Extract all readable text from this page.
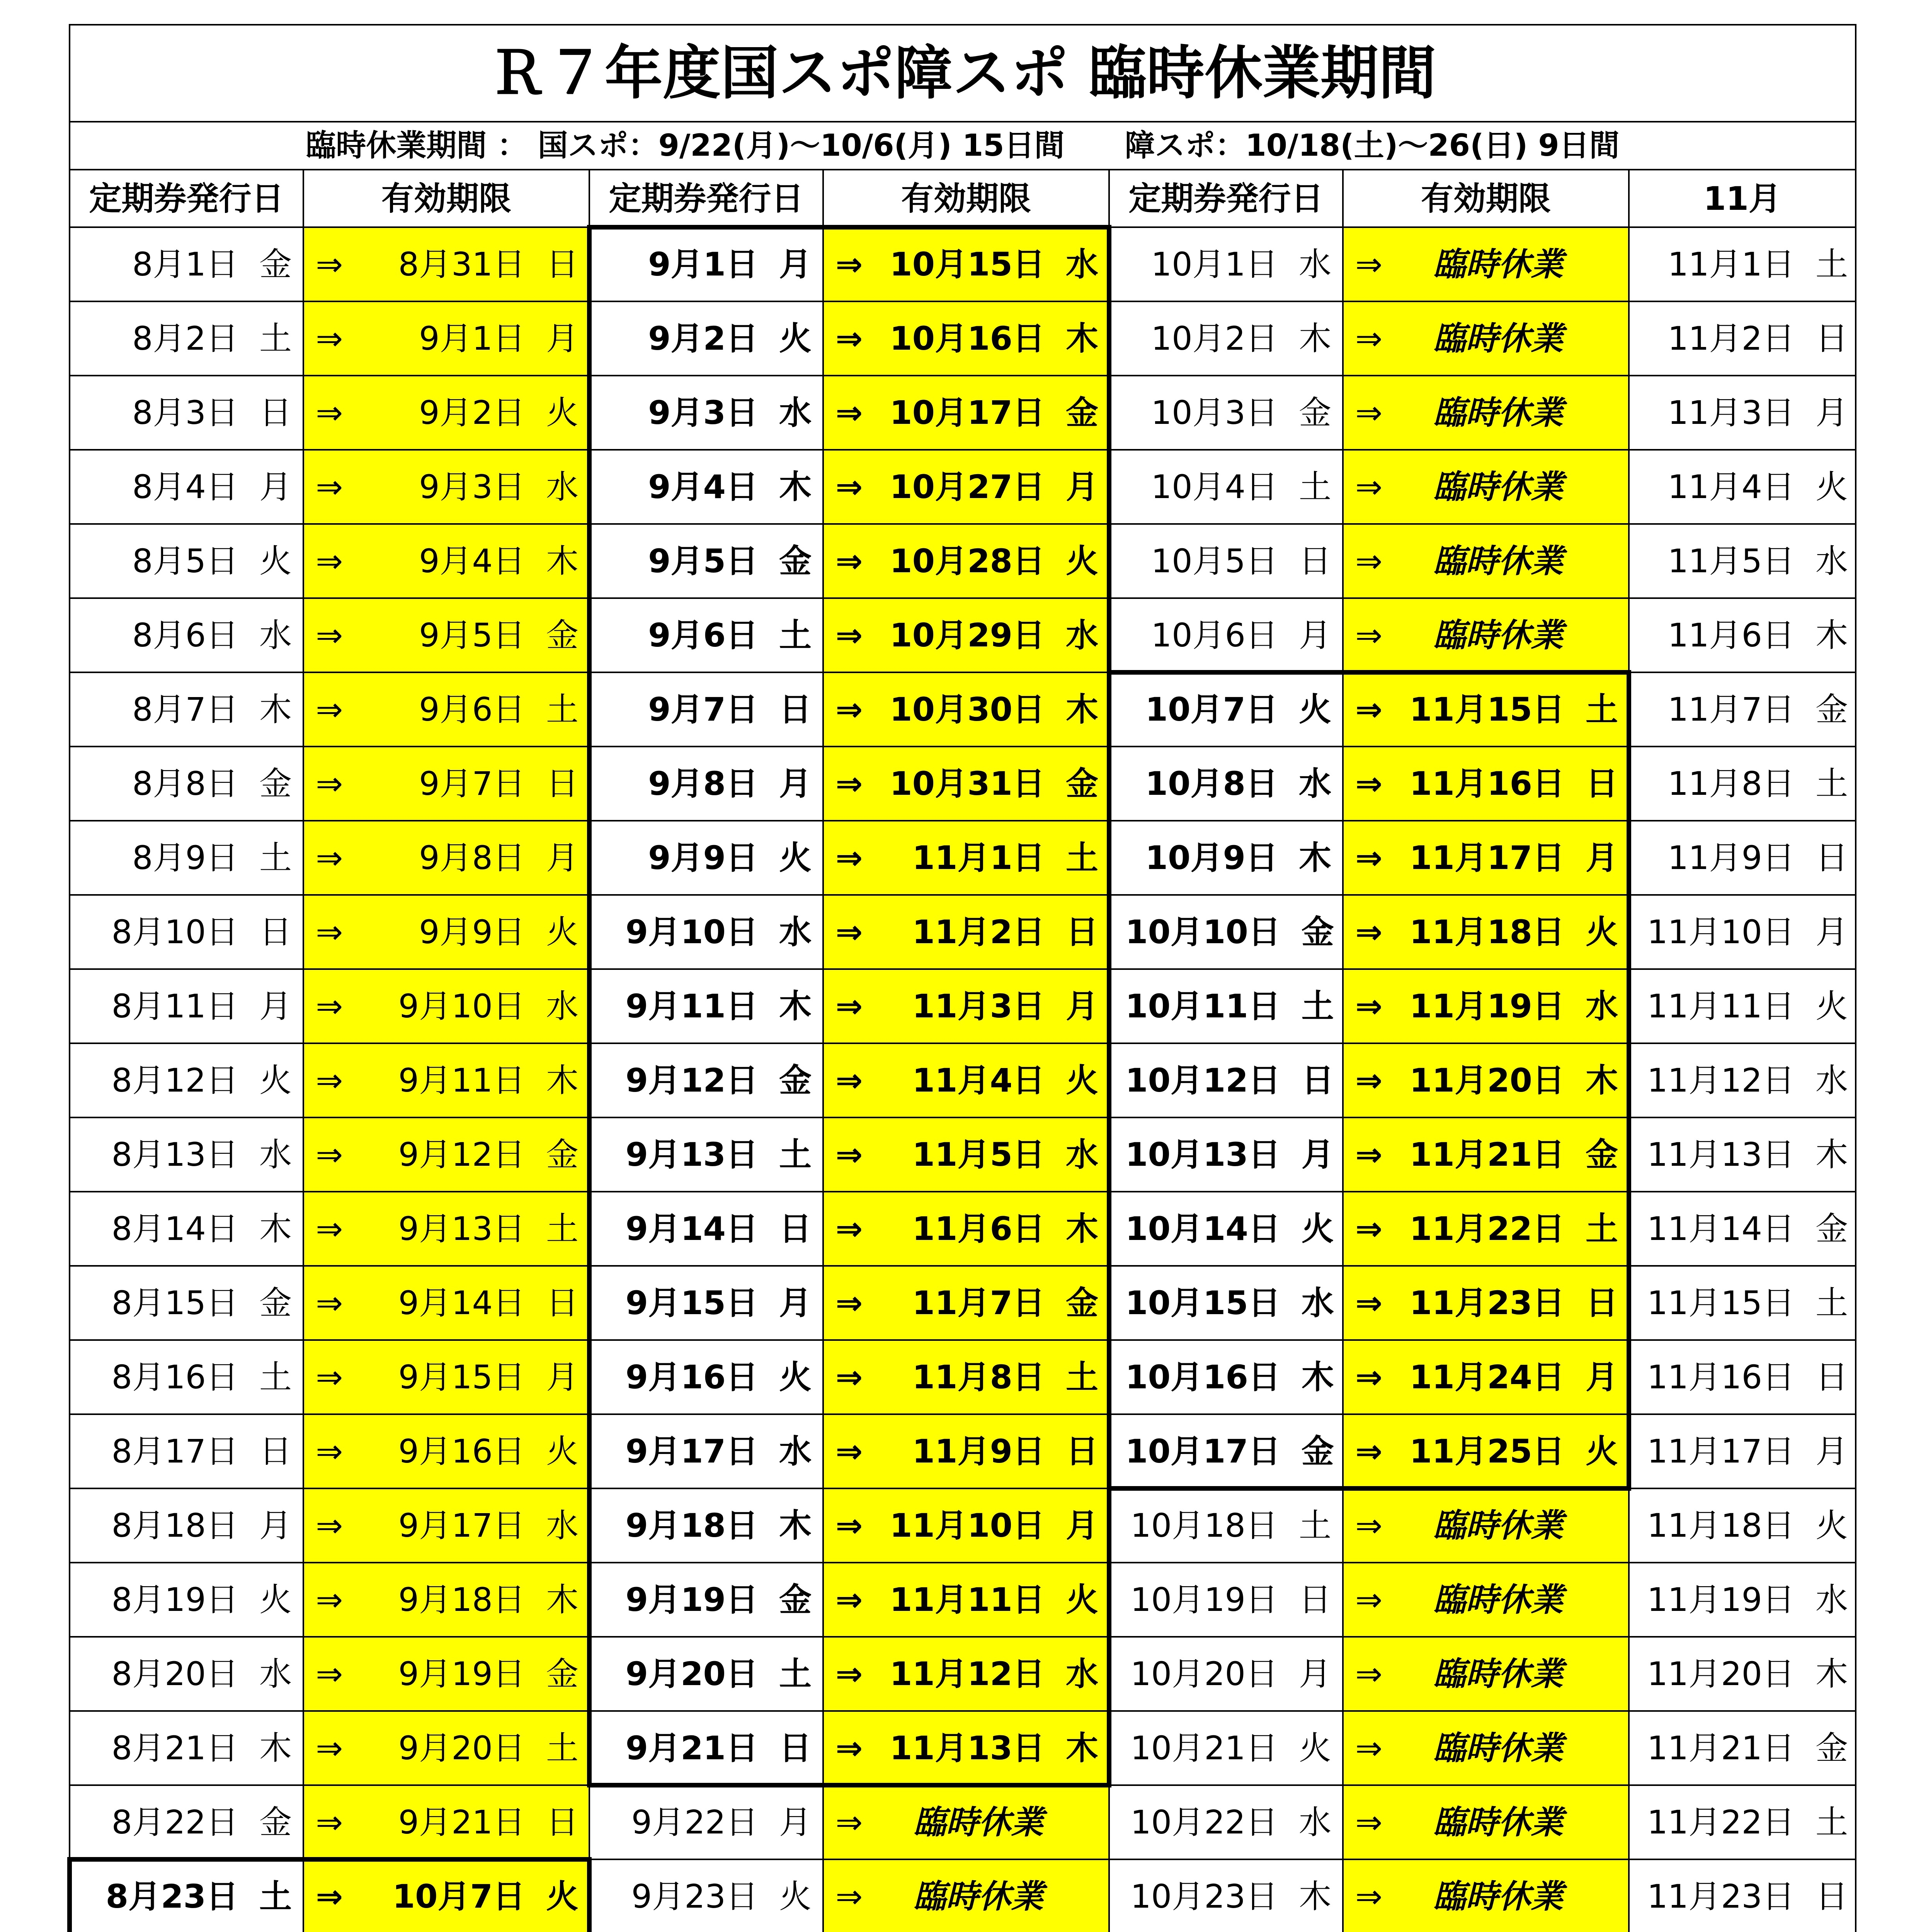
Ｒ７年度国スポ障スポ 臨時休業期間						
臨時休業期間 ： 国スポ：9/22(月)～10/6(月) 15日間　　障スポ：10/18(土)～26(日) 9日間						
定期券発行日	有効期限	定期券発行日	有効期限	定期券発行日	有効期限	11月

8月1日 金	⇒ 8月31日 日	9月1日 月	⇒ 10月15日 水	10月1日 水	⇒ 臨時休業	11月1日 土

8月2日 土	⇒ 9月1日 月	9月2日 火	⇒ 10月16日 木	10月2日 木	⇒ 臨時休業	11月2日 日

8月3日 日	⇒ 9月2日 火	9月3日 水	⇒ 10月17日 金	10月3日 金	⇒ 臨時休業	11月3日 月

8月4日 月	⇒ 9月3日 水	9月4日 木	⇒ 10月27日 月	10月4日 土	⇒ 臨時休業	11月4日 火

8月5日 火	⇒ 9月4日 木	9月5日 金	⇒ 10月28日 火	10月5日 日	⇒ 臨時休業	11月5日 水

8月6日 水	⇒ 9月5日 金	9月6日 土	⇒ 10月29日 水	10月6日 月	⇒ 臨時休業	11月6日 木

8月7日 木	⇒ 9月6日 土	9月7日 日	⇒ 10月30日 木	10月7日 火	⇒ 11月15日 土	11月7日 金

8月8日 金	⇒ 9月7日 日	9月8日 月	⇒ 10月31日 金	10月8日 水	⇒ 11月16日 日	11月8日 土

8月9日 土	⇒ 9月8日 月	9月9日 火	⇒ 11月1日 土	10月9日 木	⇒ 11月17日 月	11月9日 日

8月10日 日	⇒ 9月9日 火	9月10日 水	⇒ 11月2日 日	10月10日 金	⇒ 11月18日 火	11月10日 月

8月11日 月	⇒ 9月10日 水	9月11日 木	⇒ 11月3日 月	10月11日 土	⇒ 11月19日 水	11月11日 火

8月12日 火	⇒ 9月11日 木	9月12日 金	⇒ 11月4日 火	10月12日 日	⇒ 11月20日 木	11月12日 水

8月13日 水	⇒ 9月12日 金	9月13日 土	⇒ 11月5日 水	10月13日 月	⇒ 11月21日 金	11月13日 木

8月14日 木	⇒ 9月13日 土	9月14日 日	⇒ 11月6日 木	10月14日 火	⇒ 11月22日 土	11月14日 金

8月15日 金	⇒ 9月14日 日	9月15日 月	⇒ 11月7日 金	10月15日 水	⇒ 11月23日 日	11月15日 土

8月16日 土	⇒ 9月15日 月	9月16日 火	⇒ 11月8日 土	10月16日 木	⇒ 11月24日 月	11月16日 日

8月17日 日	⇒ 9月16日 火	9月17日 水	⇒ 11月9日 日	10月17日 金	⇒ 11月25日 火	11月17日 月

8月18日 月	⇒ 9月17日 水	9月18日 木	⇒ 11月10日 月	10月18日 土	⇒ 臨時休業	11月18日 火

8月19日 火	⇒ 9月18日 木	9月19日 金	⇒ 11月11日 火	10月19日 日	⇒ 臨時休業	11月19日 水

8月20日 水	⇒ 9月19日 金	9月20日 土	⇒ 11月12日 水	10月20日 月	⇒ 臨時休業	11月20日 木

8月21日 木	⇒ 9月20日 土	9月21日 日	⇒ 11月13日 木	10月21日 火	⇒ 臨時休業	11月21日 金

8月22日 金	⇒ 9月21日 日	9月22日 月	⇒ 臨時休業	10月22日 水	⇒ 臨時休業	11月22日 土

8月23日 土	⇒ 10月7日 火	9月23日 火	⇒ 臨時休業	10月23日 木	⇒ 臨時休業	11月23日 日
